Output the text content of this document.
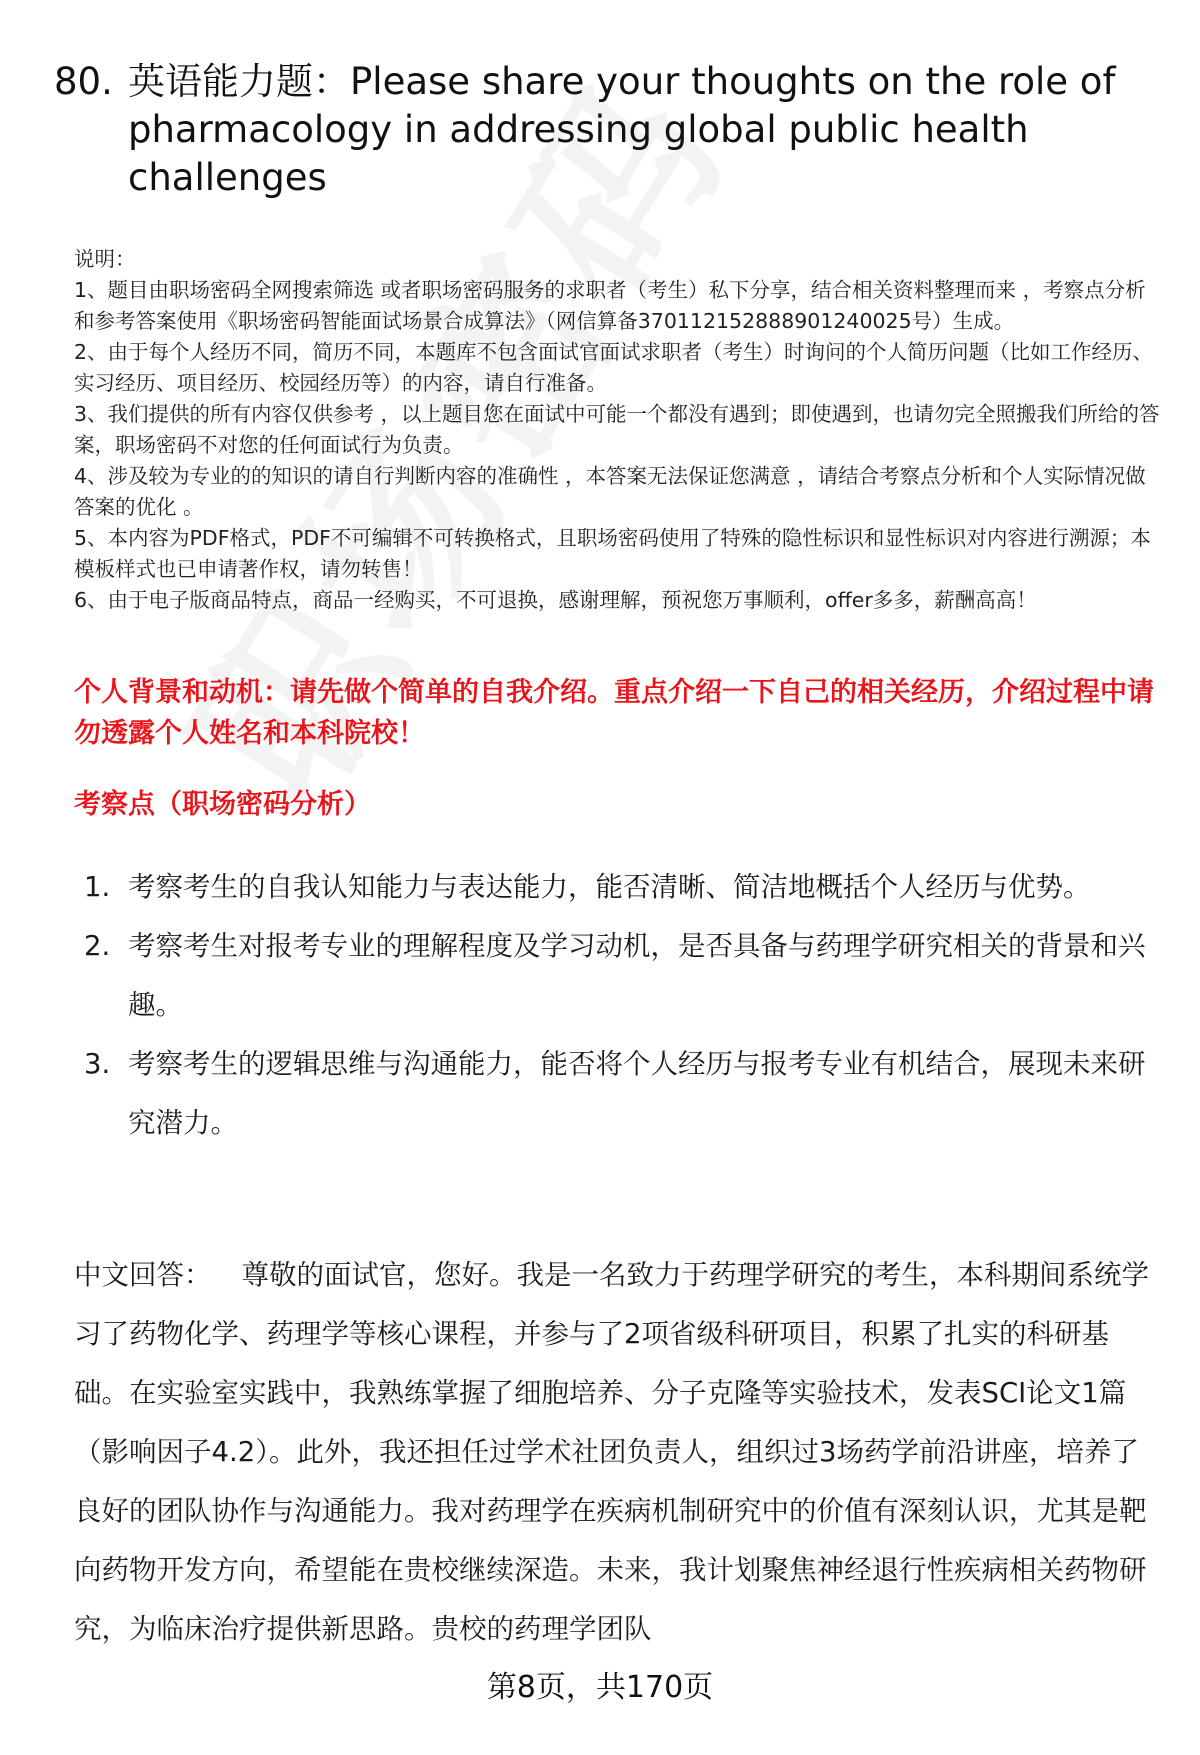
80. 英语能力题：Please share your thoughts on the role of pharmacology in addressing global public health challenges

说明：

1、题目由职场密码全网搜索筛选 或者职场密码服务的求职者（考生）私下分享，结合相关资料整理而来 ，考察点分析和参考答案使用《职场密码智能面试场景合成算法》（网信算备370112152888901240025号）生成。

2、由于每个人经历不同，简历不同，本题库不包含面试官面试求职者（考生）时询问的个人简历问题（比如工作经历、实习经历、项目经历、校园经历等）的内容，请自行准备。

3、我们提供的所有内容仅供参考 ，以上题目您在面试中可能一个都没有遇到；即使遇到，也请勿完全照搬我们所给的答案，职场密码不对您的任何面试行为负责。

4、涉及较为专业的的知识的请自行判断内容的准确性 ，本答案无法保证您满意 ，请结合考察点分析和个人实际情况做答案的优化 。

5、本内容为PDF格式，PDF不可编辑不可转换格式，且职场密码使用了特殊的隐性标识和显性标识对内容进行溯源；本模板样式也已申请著作权，请勿转售！

6、由于电子版商品特点，商品一经购买，不可退换，感谢理解，预祝您万事顺利，offer多多，薪酬高高！

个人背景和动机：请先做个简单的自我介绍。重点介绍一下自己的相关经历，介绍过程中请勿透露个人姓名和本科院校！
考察点（职场密码分析）
1. 考察考生的自我认知能力与表达能力，能否清晰、简洁地概括个人经历与优势。
2. 考察考生对报考专业的理解程度及学习动机，是否具备与药理学研究相关的背景和兴趣。
3. 考察考生的逻辑思维与沟通能力，能否将个人经历与报考专业有机结合，展现未来研究潜力。
中文回答： 尊敬的面试官，您好。我是一名致力于药理学研究的考生，本科期间系统学习了药物化学、药理学等核心课程，并参与了2项省级科研项目，积累了扎实的科研基础。在实验室实践中，我熟练掌握了细胞培养、分子克隆等实验技术，发表SCI论文1篇（影响因子4.2）。此外，我还担任过学术社团负责人，组织过3场药学前沿讲座，培养了良好的团队协作与沟通能力。我对药理学在疾病机制研究中的价值有深刻认识，尤其是靶向药物开发方向，希望能在贵校继续深造。未来，我计划聚焦神经退行性疾病相关药物研究，为临床治疗提供新思路。贵校的药理学团队
第8页，共170页
